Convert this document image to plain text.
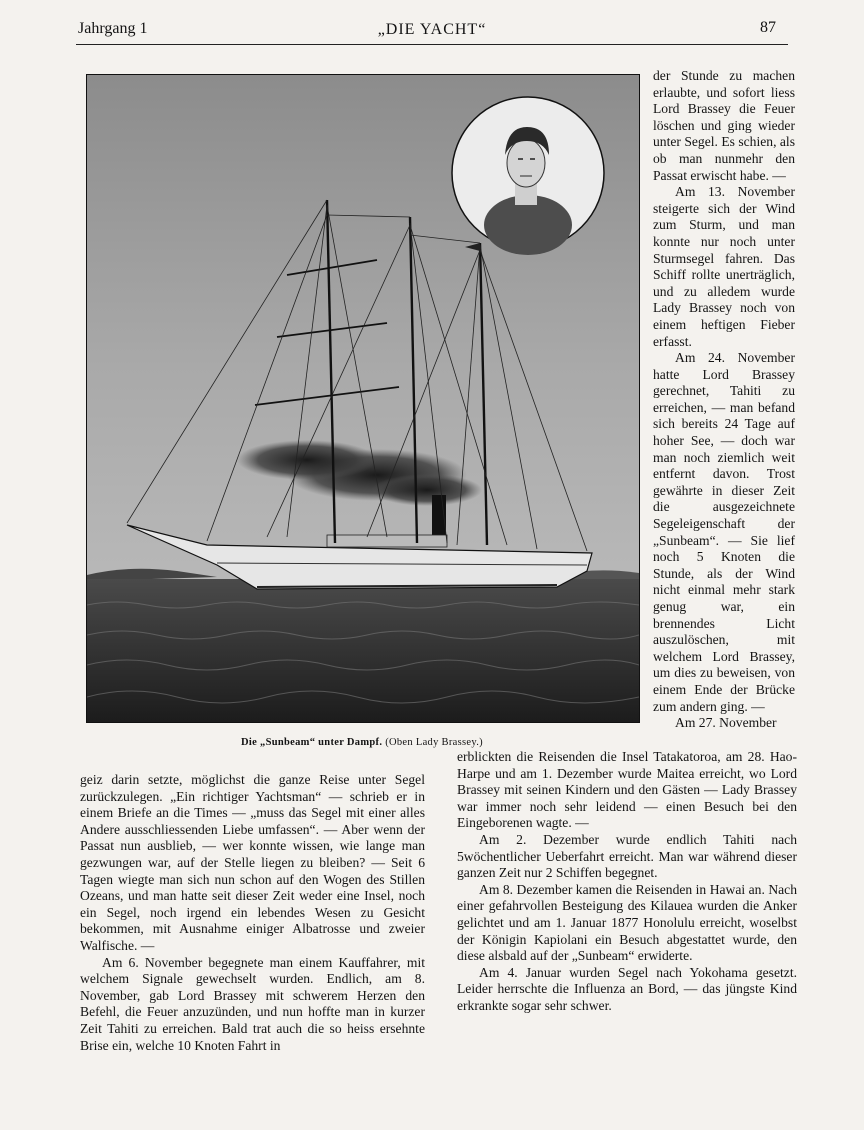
Jahrgang 1	„DIE YACHT“	87
Die „Sunbeam“ unter Dampf. (Oben Lady Brassey.)

der Stunde zu machen erlaubte, und sofort liess Lord Brassey die Feuer löschen und ging wieder unter Segel. Es schien, als ob man nunmehr den Passat erwischt habe. —

Am 13. November steigerte sich der Wind zum Sturm, und man konnte nur noch unter Sturmsegel fahren. Das Schiff rollte unerträglich, und zu alledem wurde Lady Brassey noch von einem heftigen Fieber erfasst.

Am 24. November hatte Lord Brassey gerechnet, Tahiti zu erreichen, — man befand sich bereits 24 Tage auf hoher See, — doch war man noch ziemlich weit entfernt davon. Trost gewährte in dieser Zeit die ausgezeichnete Segeleigenschaft der „Sunbeam“. — Sie lief noch 5 Knoten die Stunde, als der Wind nicht einmal mehr stark genug war, ein brennendes Licht auszulöschen, mit welchem Lord Brassey, um dies zu beweisen, von einem Ende der Brücke zum andern ging. —

Am 27. November

geiz darin setzte, möglichst die ganze Reise unter Segel zurückzulegen. „Ein richtiger Yachtsman“ — schrieb er in einem Briefe an die Times — „muss das Segel mit einer alles Andere ausschliessenden Liebe umfassen“. — Aber wenn der Passat nun ausblieb, — wer konnte wissen, wie lange man gezwungen war, auf der Stelle liegen zu bleiben? — Seit 6 Tagen wiegte man sich nun schon auf den Wogen des Stillen Ozeans, und man hatte seit dieser Zeit weder eine Insel, noch ein Segel, noch irgend ein lebendes Wesen zu Gesicht bekommen, mit Ausnahme einiger Albatrosse und zweier Walfische. —

Am 6. November begegnete man einem Kauffahrer, mit welchem Signale gewechselt wurden. Endlich, am 8. November, gab Lord Brassey mit schwerem Herzen den Befehl, die Feuer anzuzünden, und nun hoffte man in kurzer Zeit Tahiti zu erreichen. Bald trat auch die so heiss ersehnte Brise ein, welche 10 Knoten Fahrt in

erblickten die Reisenden die Insel Tatakatoroa, am 28. Hao-Harpe und am 1. Dezember wurde Maitea erreicht, wo Lord Brassey mit seinen Kindern und den Gästen — Lady Brassey war immer noch sehr leidend — einen Besuch bei den Eingeborenen wagte. —

Am 2. Dezember wurde endlich Tahiti nach 5wöchentlicher Ueberfahrt erreicht. Man war während dieser ganzen Zeit nur 2 Schiffen begegnet.

Am 8. Dezember kamen die Reisenden in Hawai an. Nach einer gefahrvollen Besteigung des Kilauea wurden die Anker gelichtet und am 1. Januar 1877 Honolulu erreicht, woselbst der Königin Kapiolani ein Besuch abgestattet wurde, den diese alsbald auf der „Sunbeam“ erwiderte.

Am 4. Januar wurden Segel nach Yokohama gesetzt. Leider herrschte die Influenza an Bord, — das jüngste Kind erkrankte sogar sehr schwer.
